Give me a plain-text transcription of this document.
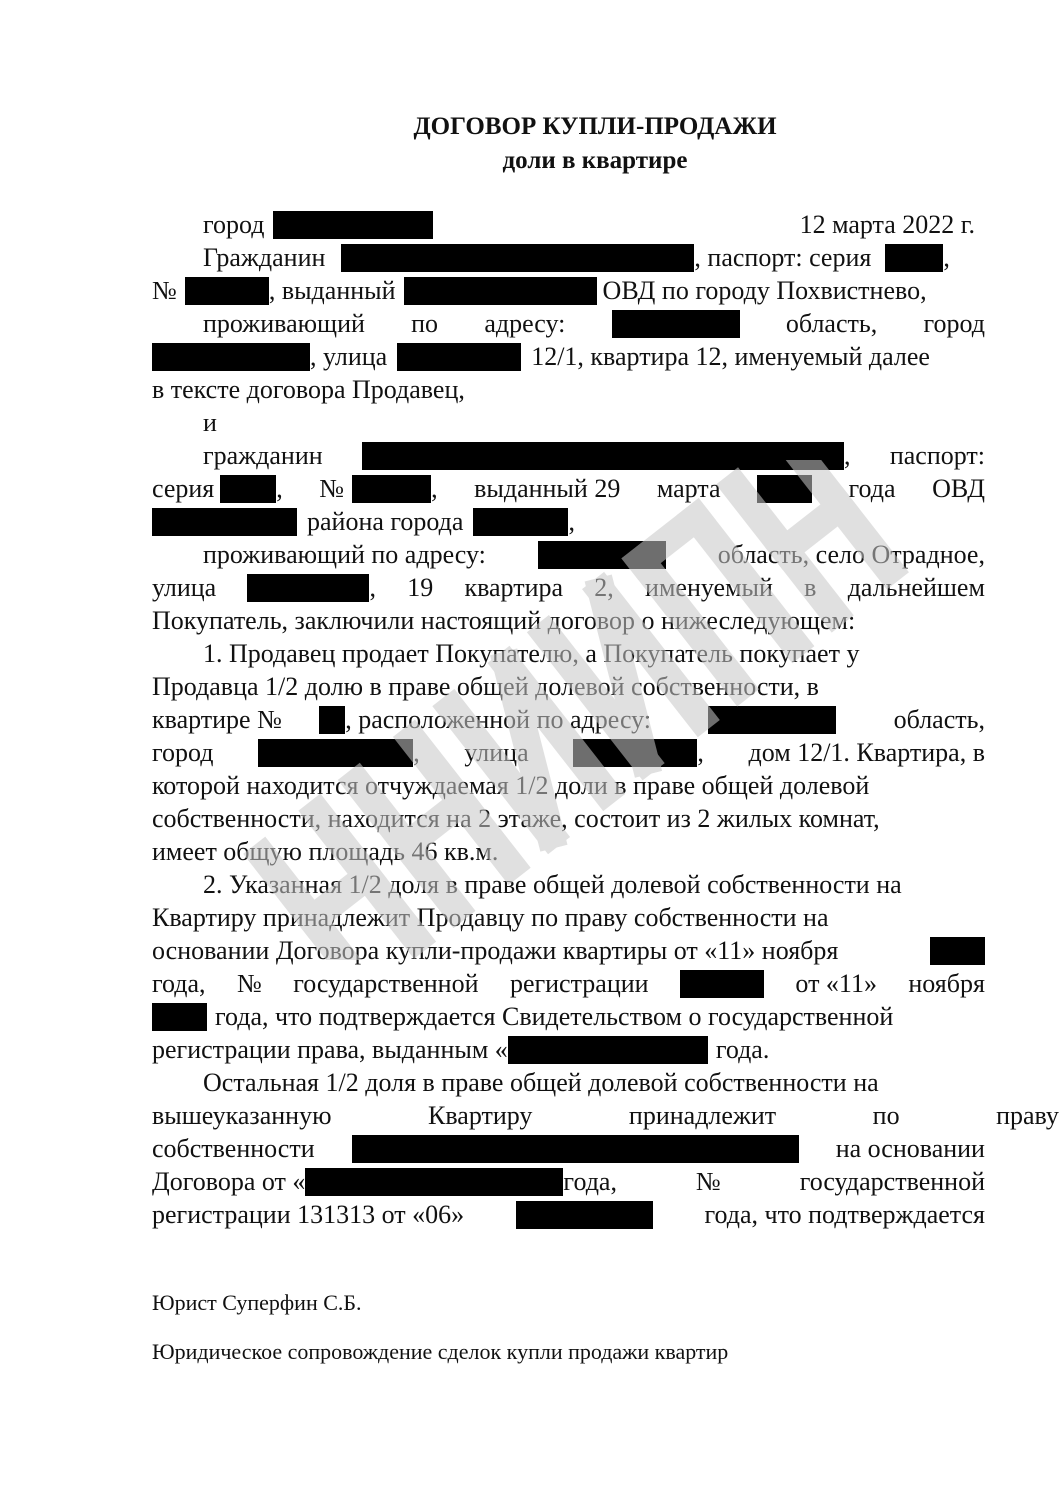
ДОГОВОР КУПЛИ-ПРОДАЖИ
доли в квартире
город	12 марта 2022 г.
Гражданин	, паспорт: серия	,
№	, выданный	ОВД по городу Похвистнево,
проживающий по адресу:	область, город
, улица	12/1, квартира 12, именуемый далее
в тексте договора Продавец,
и
гражданин	, паспорт:
серия , №	, выданный 29 марта	года ОВД
района города	,
проживающий по адресу:	область, село Отрадное,
улица	, 19 квартира 2, именуемый в дальнейшем
Покупатель, заключили настоящий договор о нижеследующем:
1. Продавец продает Покупателю, а Покупатель покупает у
Продавца 1/2 долю в праве общей долевой собственности, в
квартире № , расположенной по адресу:	область,
город	, улица	, дом 12/1. Квартира, в
которой находится отчуждаемая 1/2 доли в праве общей долевой
собственности, находится на 2 этаже, состоит из 2 жилых комнат,
имеет общую площадь 46 кв.м.
2. Указанная 1/2 доля в праве общей долевой собственности на
Квартиру принадлежит Продавцу по праву собственности на
основании Договора купли-продажи квартиры от «11» ноября
года, № государственной регистрации	от «11» ноября
года, что подтверждается Свидетельством о государственной
регистрации права, выданным «	года.
Остальная 1/2 доля в праве общей долевой собственности на
вышеуказанную Квартиру принадлежит по праву
собственности	на основании
Договора от «	года,	№	государственной
регистрации 131313 от «06»	года, что подтверждается
Юрист Суперфин С.Б.
Юридическое сопровождение сделок купли продажи квартир
